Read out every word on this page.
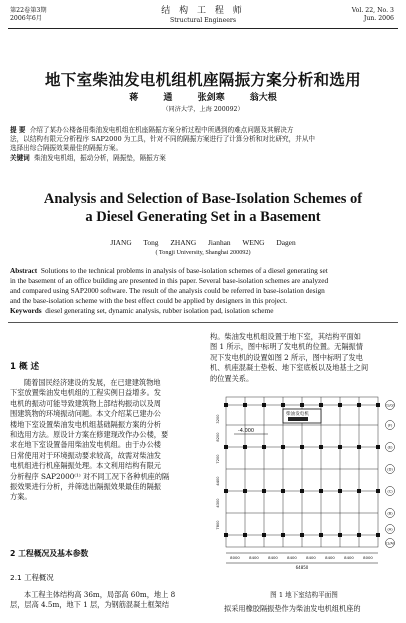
第22卷第3期
2006年6月
结 构 工 程 师
Structural Engineers
Vol. 22, No. 3
Jun. 2006
地下室柴油发电机组机座隔振方案分析和选用
蒋 通 张剑寒 翁大根
（同济大学，上海 200092）
提 要 介绍了某办公楼备用柴油发电机组在机座隔振方案分析过程中所遇到的难点问题及其解决方
法，以结构有限元分析程序 SAP2000 为工具，针对不同的隔振方案进行了计算分析和对比研究，并从中
选择出综合隔振效果最佳的隔振方案。
关键词 柴油发电机组，振动分析，隔振垫，隔振方案
Analysis and Selection of Base-Isolation Schemes of
a Diesel Generating Set in a Basement
JIANG Tong ZHANG Jianhan WENG Dagen
( Tongji University, Shanghai 200092)
Abstract Solutions to the technical problems in analysis of base-isolation schemes of a diesel generating set
in the basement of an office building are presented in this paper. Several base-isolation schemes are analyzed
and compared using SAP2000 software. The result of the analysis could be referred in base-isolation design
and the base-isolation scheme with the best effect could be applied by designers in this project.
Keywords diesel generating set, dynamic analysis, rubber isolation pad, isolation scheme
1 概 述
随着国民经济建设的发展，在已建建筑物地
下室放置柴油发电机组的工程实例日益增多。发
电机的振动可能导致建筑物上部结构振动以及周
围建筑物的环境振动问题。本文介绍某已建办公
楼地下室设置柴油发电机组基础隔振方案的分析
和选用方法。原设计方案在修建现改作办公楼，要
求在地下室设置备用柴油发电机组。由于办公楼
日常使用对于环境振动要求较高，故需对柴油发
电机组进行机座隔振处理。本文利用结构有限元
分析程序 SAP2000⁽¹⁾ 对不同工况下各种机座的隔
振效果进行分析，并筛选出隔振效果最佳的隔振
方案。
2 工程概况及基本参数
2.1 工程概况
本工程主体结构高 36m，局部高 60m，地上 8
层，层高 4.5m，地下 1 层，为钢筋混凝土框架结
构。柴油发电机组设置于地下室，其结构平面如
图 1 所示，图中标明了发电机的位置。无隔振情
况下发电机的设置如图 2 所示，图中标明了发电
机、机座混凝土垫板、地下室底板以及地基土之间
的位置关系。
柴油发电机
-4.000
(1/G)
(F)
(E)
(D)
(C)
(B)
(A)
(1/A)
3200
8200
7200
4400
4300
7800
8000 8400 8400 8400 8400 8400 8400 8000
64850
图 1 地下室结构平面图
拟采用橡胶隔振垫作为柴油发电机组机座的
